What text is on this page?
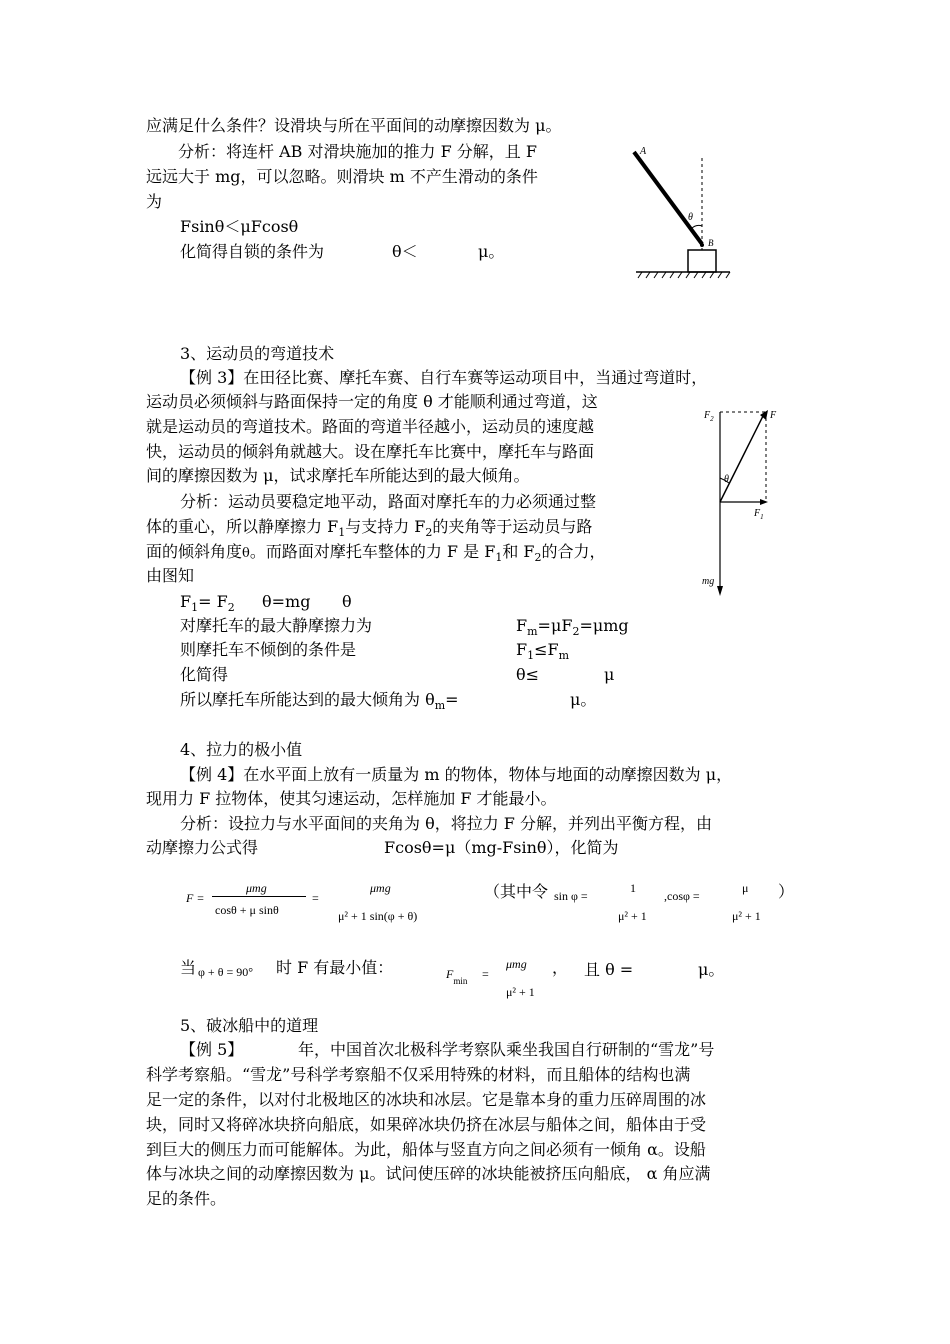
应满足什么条件？设滑块与所在平面间的动摩擦因数为 μ。
分析：将连杆 AB 对滑块施加的推力 F 分解，且 F
远远大于 mg，可以忽略。则滑块 m 不产生滑动的条件
为
Fsinθ＜μFcosθ
化简得自锁的条件为	θ＜	μ。
A
B
θ
3、运动员的弯道技术
【例 3】在田径比赛、摩托车赛、自行车赛等运动项目中，当通过弯道时，
运动员必须倾斜与路面保持一定的角度 θ 才能顺利通过弯道，这
就是运动员的弯道技术。路面的弯道半径越小，运动员的速度越
快，运动员的倾斜角就越大。设在摩托车比赛中，摩托车与路面
间的摩擦因数为 μ，试求摩托车所能达到的最大倾角。
分析：运动员要稳定地平动，路面对摩托车的力必须通过整
体的重心，所以静摩擦力 $F_1$与支持力 $F_2$的夹角等于运动员与路
面的倾斜角度θ。而路面对摩托车整体的力 F 是 $F_1$和 $F_2$的合力，
由图知
$F_1= F_2$ θ=mg θ
对摩托车的最大静摩擦力为	$F_m=\mu F_2=\mu mg$
则摩托车不倾倒的条件是	$F_1\le F_m$
化简得	θ≤	μ
所以摩托车所能达到的最大倾角为 $\theta_m=$	μ。
$F_2$	F
θ
$F_1$
mg
4、拉力的极小值
【例 4】在水平面上放有一质量为 m 的物体，物体与地面的动摩擦因数为 μ，
现用力 F 拉物体，使其匀速运动，怎样施加 F 才能最小。
分析：设拉力与水平面间的夹角为 θ，将拉力 F 分解，并列出平衡方程，由
动摩擦力公式得	Fcosθ=μ（mg-Fsinθ），化简为
F =
μmg
cosθ + μ sinθ
=
μmg
μ² + 1 sin(φ + θ)
（其中令 sin φ =
1
μ² + 1
,cosφ =
μ
μ² + 1
）
当 φ + θ = 90° 时 F 有最小值：	$F_{min}$ =
μmg
μ² + 1
， 且 θ =	μ。
5、破冰船中的道理
【例 5】	年，中国首次北极科学考察队乘坐我国自行研制的“雪龙”号
科学考察船。“雪龙”号科学考察船不仅采用特殊的材料，而且船体的结构也满
足一定的条件，以对付北极地区的冰块和冰层。它是靠本身的重力压碎周围的冰
块，同时又将碎冰块挤向船底，如果碎冰块仍挤在冰层与船体之间，船体由于受
到巨大的侧压力而可能解体。为此，船体与竖直方向之间必须有一倾角 α。设船
体与冰块之间的动摩擦因数为 μ。试问使压碎的冰块能被挤压向船底， α 角应满
足的条件。
